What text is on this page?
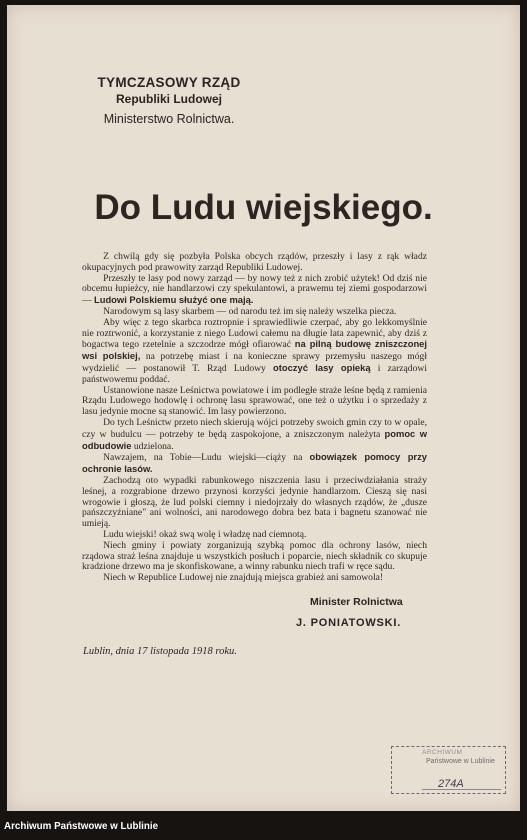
TYMCZASOWY RZĄD
Republiki Ludowej
Ministerstwo Rolnictwa.
Do Ludu wiejskiego.

Z chwilą gdy się pozbyła Polska obcych rządów, przeszły i lasy z rąk władz okupacyjnych pod prawowity zarząd Republiki Ludowej.

Przeszły te lasy pod nowy zarząd — by nowy też z nich zrobić użytek! Od dziś nie obcemu łupieżcy, nie handlarzowi czy spekulantowi, a prawemu tej ziemi gospodarzowi — Ludowi Polskiemu służyć one mają.

Narodowym są lasy skarbem — od narodu też im się należy wszelka piecza.

Aby więc z tego skarbca roztropnie i sprawiedliwie czerpać, aby go lekkomyślnie nie roztrwonić, a korzystanie z niego Ludowi całemu na długie lata zapewnić, aby dziś z bogactwa tego rzetelnie a szczodrze mógł ofiarować na pilną budowę zniszczonej wsi polskiej, na potrzebę miast i na konieczne sprawy przemysłu naszego mógł wydzielić — postanowił T. Rząd Ludowy otoczyć lasy opieką i zarządowi państwowemu poddać.

Ustanowione nasze Leśnictwa powiatowe i im podległe straże leśne będą z ramienia Rządu Ludowego hodowlę i ochronę lasu sprawować, one też o użytku i o sprzedaży z lasu jedynie mocne są stanowić. Im lasy powierzono.

Do tych Leśnictw przeto niech skierują wójci potrzeby swoich gmin czy to w opale, czy w budulcu — potrzeby te będą zaspokojone, a zniszczonym należyta pomoc w odbudowie udzielona.

Nawzajem, na Tobie—Ludu wiejski—ciąży na obowiązek pomocy przy ochronie lasów.

Zachodzą oto wypadki rabunkowego niszczenia lasu i przeciwdziałania straży leśnej, a rozgrabione drzewo przynosi korzyści jedynie handlarzom. Cieszą się nasi wrogowie i głoszą, że lud polski ciemny i niedojrzały do własnych rządów, że „dusze pańszczyźniane" ani wolności, ani narodowego dobra bez bata i bagnetu szanować nie umieją.

Ludu wiejski! okaż swą wolę i władzę nad ciemnotą.

Niech gminy i powiaty zorganizują szybką pomoc dla ochrony lasów, niech rządowa straż leśna znajduje u wszystkich posłuch i poparcie, niech składnik co skupuje kradzione drzewo ma je skonfiskowane, a winny rabunku niech trafi w ręce sądu.

Niech w Republice Ludowej nie znajdują miejsca grabież ani samowola!

Minister Rolnictwa
J. PONIATOWSKI.
Lublin, dnia 17 listopada 1918 roku.
ARCHIWUM
Państwowe w Lublinie
274A
Archiwum Państwowe w Lublinie
